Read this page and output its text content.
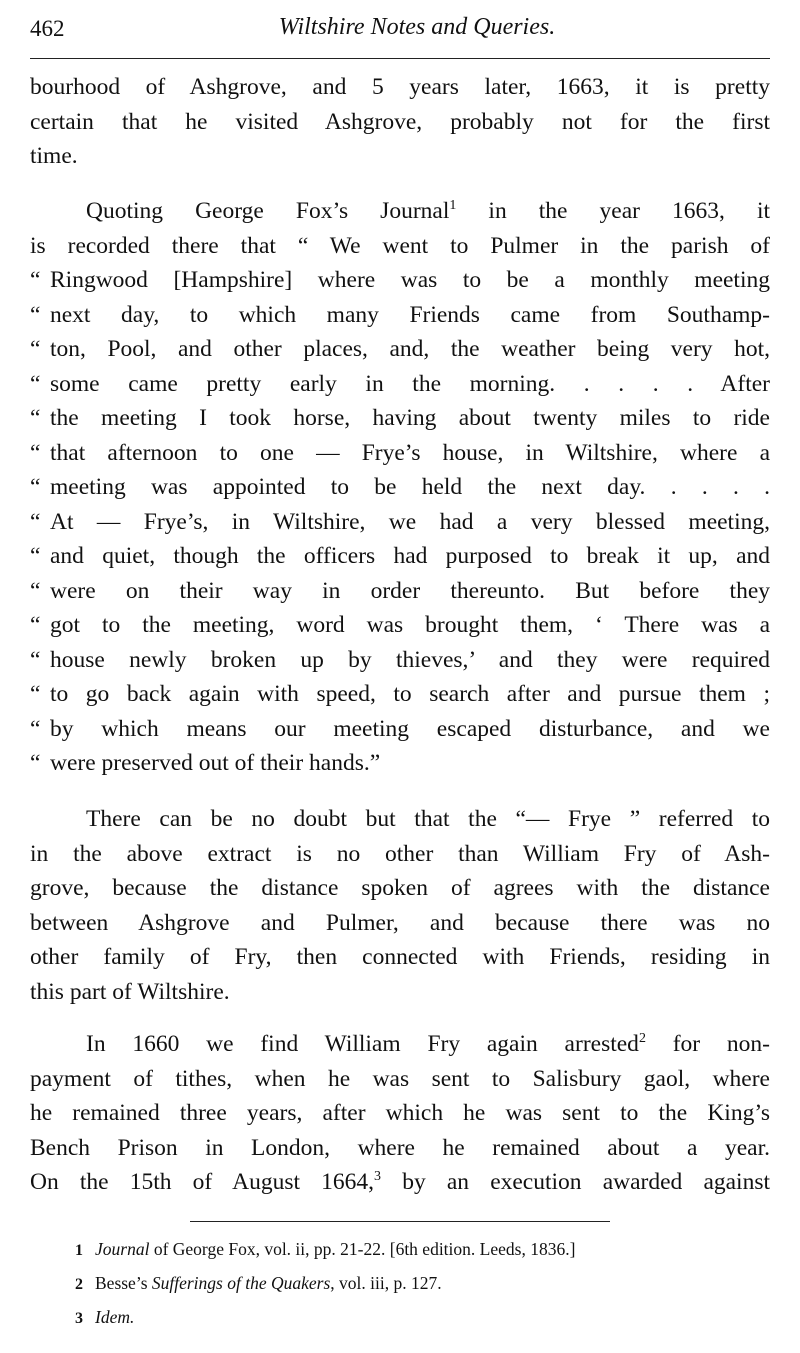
462	Wiltshire Notes and Queries.
bourhood of Ashgrove, and 5 years later, 1663, it is pretty
certain that he visited Ashgrove, probably not for the first
time.
Quoting George Fox’s Journal$^1$ in the year 1663, it
is recorded there that “ We went to Pulmer in the parish of
“ Ringwood [Hampshire] where was to be a monthly meeting
“ next day, to which many Friends came from Southamp-
“ ton, Pool, and other places, and, the weather being very hot,
“ some came pretty early in the morning. . . . . After
“ the meeting I took horse, having about twenty miles to ride
“ that afternoon to one — Frye’s house, in Wiltshire, where a
“ meeting was appointed to be held the next day. . . . .
“ At — Frye’s, in Wiltshire, we had a very blessed meeting,
“ and quiet, though the officers had purposed to break it up, and
“ were on their way in order thereunto. But before they
“ got to the meeting, word was brought them, ‘ There was a
“ house newly broken up by thieves,’ and they were required
“ to go back again with speed, to search after and pursue them ;
“ by which means our meeting escaped disturbance, and we
“ were preserved out of their hands.”
There can be no doubt but that the “— Frye ” referred to
in the above extract is no other than William Fry of Ash-
grove, because the distance spoken of agrees with the distance
between Ashgrove and Pulmer, and because there was no
other family of Fry, then connected with Friends, residing in
this part of Wiltshire.
In 1660 we find William Fry again arrested$^2$ for non-
payment of tithes, when he was sent to Salisbury gaol, where
he remained three years, after which he was sent to the King’s
Bench Prison in London, where he remained about a year.
On the 15th of August 1664,$^3$ by an execution awarded against
1 Journal of George Fox, vol. ii, pp. 21-22. [6th edition. Leeds, 1836.]
2 Besse’s Sufferings of the Quakers, vol. iii, p. 127.
3 Idem.
